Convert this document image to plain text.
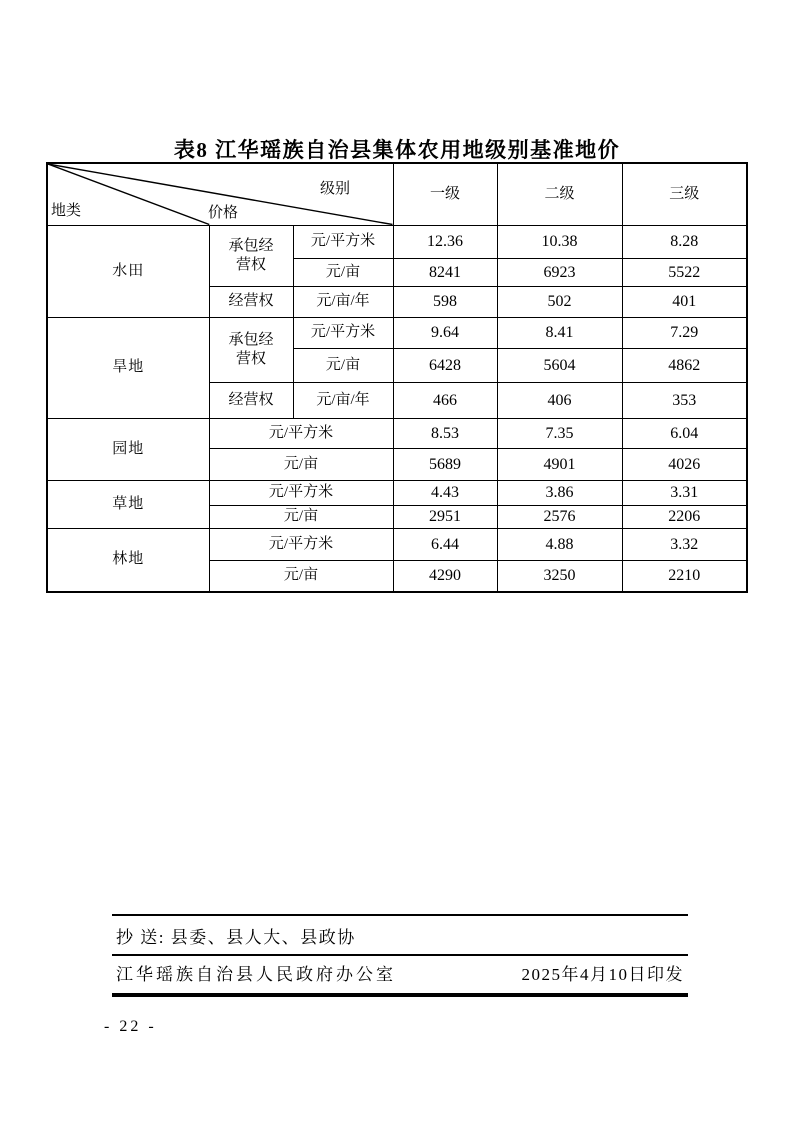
表8 江华瑶族自治县集体农用地级别基准地价
级别
价格
地类			一级	二级	三级
水田	承包经营权	元/平方米	12.36	10.38	8.28
		元/亩	8241	6923	5522
	经营权	元/亩/年	598	502	401
旱地	承包经营权	元/平方米	9.64	8.41	7.29
		元/亩	6428	5604	4862
	经营权	元/亩/年	466	406	353
园地	元/平方米		8.53	7.35	6.04
	元/亩		5689	4901	4026
草地	元/平方米		4.43	3.86	3.31
	元/亩		2951	2576	2206
林地	元/平方米		6.44	4.88	3.32
	元/亩		4290	3250	2210
抄 送: 县委、县人大、县政协
江华瑶族自治县人民政府办公室	2025年4月10日印发
- 22 -
